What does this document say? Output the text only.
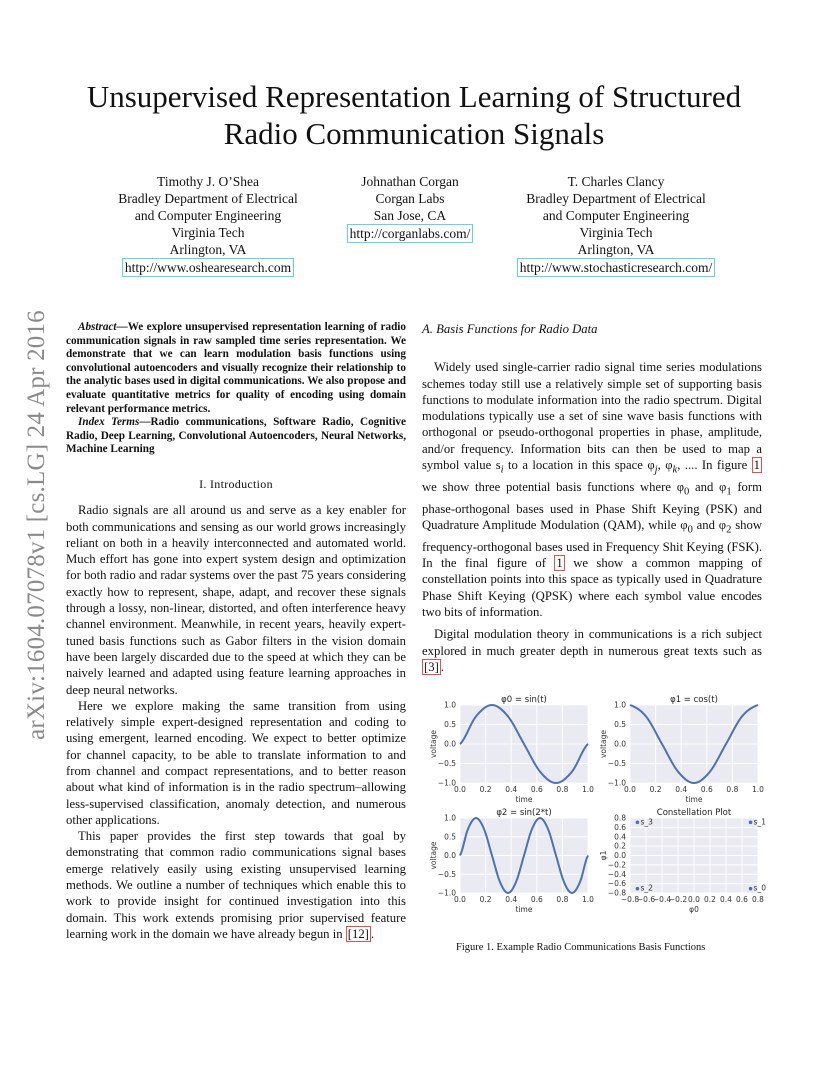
arXiv:1604.07078v1 [cs.LG] 24 Apr 2016
Unsupervised Representation Learning of Structured
Radio Communication Signals
Timothy J. O’Shea
Bradley Department of Electrical
and Computer Engineering
Virginia Tech
Arlington, VA
http://www.oshearesearch.com
Johnathan Corgan
Corgan Labs
San Jose, CA
http://corganlabs.com/
T. Charles Clancy
Bradley Department of Electrical
and Computer Engineering
Virginia Tech
Arlington, VA
http://www.stochasticresearch.com/

Abstract—We explore unsupervised representation learning of radio communication signals in raw sampled time series representation. We demonstrate that we can learn modulation basis functions using convolutional autoencoders and visually recognize their relationship to the analytic bases used in digital communications. We also propose and evaluate quantitative metrics for quality of encoding using domain relevant performance metrics.

Index Terms—Radio communications, Software Radio, Cognitive Radio, Deep Learning, Convolutional Autoencoders, Neural Networks, Machine Learning

I. Introduction

Radio signals are all around us and serve as a key enabler for both communications and sensing as our world grows increasingly reliant on both in a heavily interconnected and automated world. Much effort has gone into expert system design and optimization for both radio and radar systems over the past 75 years considering exactly how to represent, shape, adapt, and recover these signals through a lossy, non-linear, distorted, and often interference heavy channel environment. Meanwhile, in recent years, heavily expert-tuned basis functions such as Gabor filters in the vision domain have been largely discarded due to the speed at which they can be naively learned and adapted using feature learning approaches in deep neural networks.

Here we explore making the same transition from using relatively simple expert-designed representation and coding to using emergent, learned encoding. We expect to better optimize for channel capacity, to be able to translate information to and from channel and compact representations, and to better reason about what kind of information is in the radio spectrum–allowing less-supervised classification, anomaly detection, and numerous other applications.

This paper provides the first step towards that goal by demonstrating that common radio communications signal bases emerge relatively easily using existing unsupervised learning methods. We outline a number of techniques which enable this to work to provide insight for continued investigation into this domain. This work extends promising prior supervised feature learning work in the domain we have already begun in [12] .

A. Basis Functions for Radio Data

Widely used single-carrier radio signal time series modulations schemes today still use a relatively simple set of supporting basis functions to modulate information into the radio spectrum. Digital modulations typically use a set of sine wave basis functions with orthogonal or pseudo-orthogonal properties in phase, amplitude, and/or frequency. Information bits can then be used to map a symbol value $s_i$ to a location in this space $\varphi_j$, $\varphi_k$, .... In figure 1 we show three potential basis functions where $\varphi_0$ and $\varphi_1$ form phase-orthogonal bases used in Phase Shift Keying (PSK) and Quadrature Amplitude Modulation (QAM), while $\varphi_0$ and $\varphi_2$ show frequency-orthogonal bases used in Frequency Shit Keying (FSK). In the final figure of 1 we show a common mapping of constellation points into this space as typically used in Quadrature Phase Shift Keying (QPSK) where each symbol value encodes two bits of information.

Digital modulation theory in communications is a rich subject explored in much greater depth in numerous great texts such as [3] .

0.0 0.2 0.4 0.6 0.8 1.0
1.0
0.5
0.0
−0.5
−1.0
φ0 = sin(t)
time
voltage
0.0 0.2 0.4 0.6 0.8 1.0
1.0
0.5
0.0
−0.5
−1.0
φ1 = cos(t)
time
voltage
0.0 0.2 0.4 0.6 0.8 1.0
1.0
0.5
0.0
−0.5
−1.0
φ2 = sin(2*t)
time
voltage
−0.8
−0.6
−0.4
−0.2 0.0 0.2 0.4 0.6 0.8
0.8
0.6
0.4
0.2
0.0
−0.2
−0.4
−0.6
−0.8
Constellation Plot
φ0
φ1
s_3	s_1
s_2	s_0
Figure 1. Example Radio Communications Basis Functions
